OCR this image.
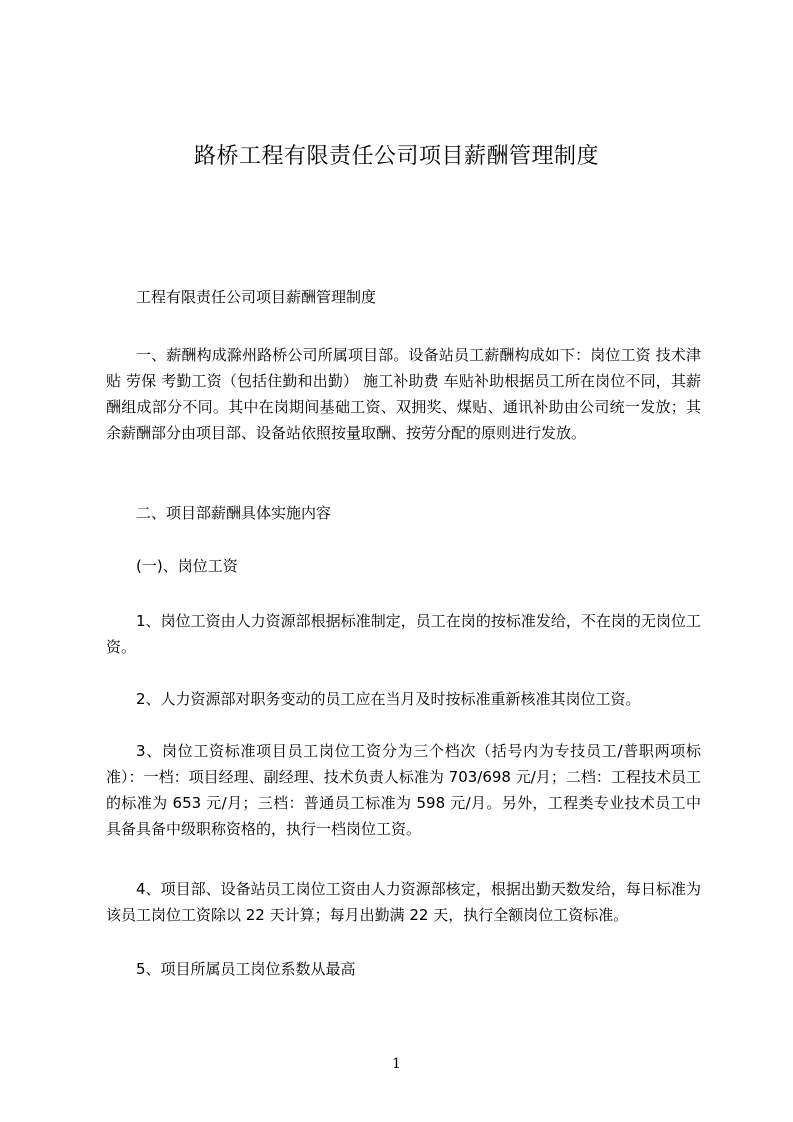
路桥工程有限责任公司项目薪酬管理制度
工程有限责任公司项目薪酬管理制度
一、薪酬构成滁州路桥公司所属项目部。设备站员工薪酬构成如下：岗位工资 技术津贴 劳保 考勤工资（包括住勤和出勤） 施工补助费 车贴补助根据员工所在岗位不同，其薪酬组成部分不同。其中在岗期间基础工资、双拥奖、煤贴、通讯补助由公司统一发放；其余薪酬部分由项目部、设备站依照按量取酬、按劳分配的原则进行发放。
二、项目部薪酬具体实施内容
(一)、岗位工资
1、岗位工资由人力资源部根据标准制定，员工在岗的按标准发给，不在岗的无岗位工资。
2、人力资源部对职务变动的员工应在当月及时按标准重新核准其岗位工资。
3、岗位工资标准项目员工岗位工资分为三个档次（括号内为专技员工/普职两项标准）：一档：项目经理、副经理、技术负责人标准为 703/698 元/月；二档：工程技术员工的标准为 653 元/月；三档：普通员工标准为 598 元/月。另外，工程类专业技术员工中具备具备中级职称资格的，执行一档岗位工资。
4、项目部、设备站员工岗位工资由人力资源部核定，根据出勤天数发给，每日标准为该员工岗位工资除以 22 天计算；每月出勤满 22 天，执行全额岗位工资标准。
5、项目所属员工岗位系数从最高
1
